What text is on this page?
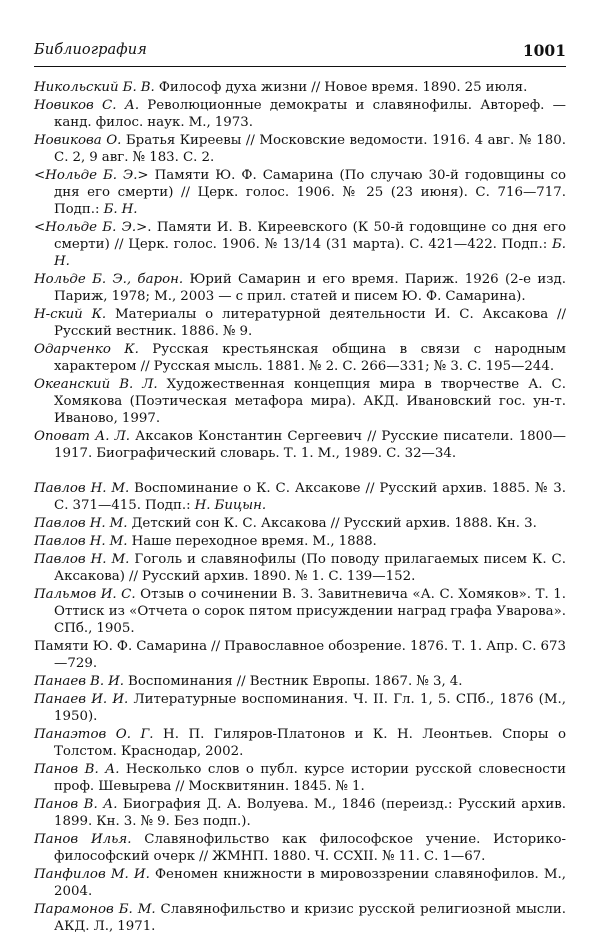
Библиография	1001

Никольский Б. В. Философ духа жизни // Новое время. 1890. 25 июля.

Новиков С. А. Революционные демократы и славянофилы. Автореф. — канд. филос. наук. М., 1973.

Новикова О. Братья Киреевы // Московские ведомости. 1916. 4 авг. № 180. С. 2, 9 авг. № 183. С. 2.

<Нольде Б. Э.> Памяти Ю. Ф. Самарина (По случаю 30-й годовщины со дня его смерти) // Церк. голос. 1906. № 25 (23 июня). С. 716—717. Подп.: Б. Н.

<Нольде Б. Э.>. Памяти И. В. Киреевского (К 50-й годовщине со дня его смерти) // Церк. голос. 1906. № 13/14 (31 марта). С. 421—422. Подп.: Б. Н.

Нольде Б. Э., барон. Юрий Самарин и его время. Париж. 1926 (2-е изд. Париж, 1978; М., 2003 — с прил. статей и писем Ю. Ф. Самарина).

Н-ский К. Материалы о литературной деятельности И. С. Аксакова // Русский вестник. 1886. № 9.

Одарченко К. Русская крестьянская община в связи с народным характером // Русская мысль. 1881. № 2. С. 266—331; № 3. С. 195—244.

Океанский В. Л. Художественная концепция мира в творчестве А. С. Хомякова (Поэтическая метафора мира). АКД. Ивановский гос. ун-т. Иваново, 1997.

Оповат А. Л. Аксаков Константин Сергеевич // Русские писатели. 1800—1917. Биографический словарь. Т. 1. М., 1989. С. 32—34.

Павлов Н. М. Воспоминание о К. С. Аксакове // Русский архив. 1885. № 3. С. 371—415. Подп.: Н. Бицын.

Павлов Н. М. Детский сон К. С. Аксакова // Русский архив. 1888. Кн. 3.

Павлов Н. М. Наше переходное время. М., 1888.

Павлов Н. М. Гоголь и славянофилы (По поводу прилагаемых писем К. С. Аксакова) // Русский архив. 1890. № 1. С. 139—152.

Пальмов И. С. Отзыв о сочинении В. З. Завитневича «А. С. Хомяков». Т. 1. Оттиск из «Отчета о сорок пятом присуждении наград графа Уварова». СПб., 1905.

Памяти Ю. Ф. Самарина // Православное обозрение. 1876. Т. 1. Апр. С. 673—729.

Панаев В. И. Воспоминания // Вестник Европы. 1867. № 3, 4.

Панаев И. И. Литературные воспоминания. Ч. II. Гл. 1, 5. СПб., 1876 (М., 1950).

Панаэтов О. Г. Н. П. Гиляров-Платонов и К. Н. Леонтьев. Споры о Толстом. Краснодар, 2002.

Панов В. А. Несколько слов о публ. курсе истории русской словесности проф. Шевырева // Москвитянин. 1845. № 1.

Панов В. А. Биография Д. А. Волуева. М., 1846 (переизд.: Русский архив. 1899. Кн. 3. № 9. Без подп.).

Панов Илья. Славянофильство как философское учение. Историко-философский очерк // ЖМНП. 1880. Ч. CCXII. № 11. С. 1—67.

Панфилов М. И. Феномен книжности в мировоззрении славянофилов. М., 2004.

Парамонов Б. М. Славянофильство и кризис русской религиозной мысли. АКД. Л., 1971.
